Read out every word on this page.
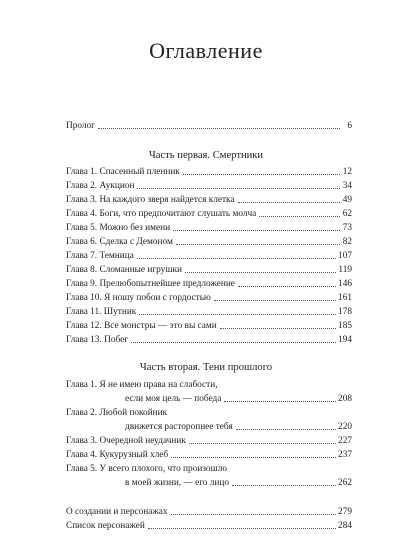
Оглавление
Пролог	6
Часть первая. Смертники
Глава 1. Спасенный пленник	12
Глава 2. Аукцион	34
Глава 3. На каждого зверя найдется клетка	49
Глава 4. Боги, что предпочитают слушать молча	62
Глава 5. Можно без имени	73
Глава 6. Сделка с Демоном	82
Глава 7. Темница	107
Глава 8. Сломанные игрушки	119
Глава 9. Прелюбопытнейшее предложение	146
Глава 10. Я ношу побои с гордостью	161
Глава 11. Шутник	178
Глава 12. Все монстры — это вы сами	185
Глава 13. Побег	194
Часть вторая. Тени прошлого
Глава 1. Я не имею права на слабости,
если моя цель — победа	208
Глава 2. Любой покойник
движется расторопнее тебя	220
Глава 3. Очередной неудачник	227
Глава 4. Кукурузный хлеб	237
Глава 5. У всего плохого, что произошло
в моей жизни, — его лицо	262
О создании и персонажах	279
Список персонажей	284
